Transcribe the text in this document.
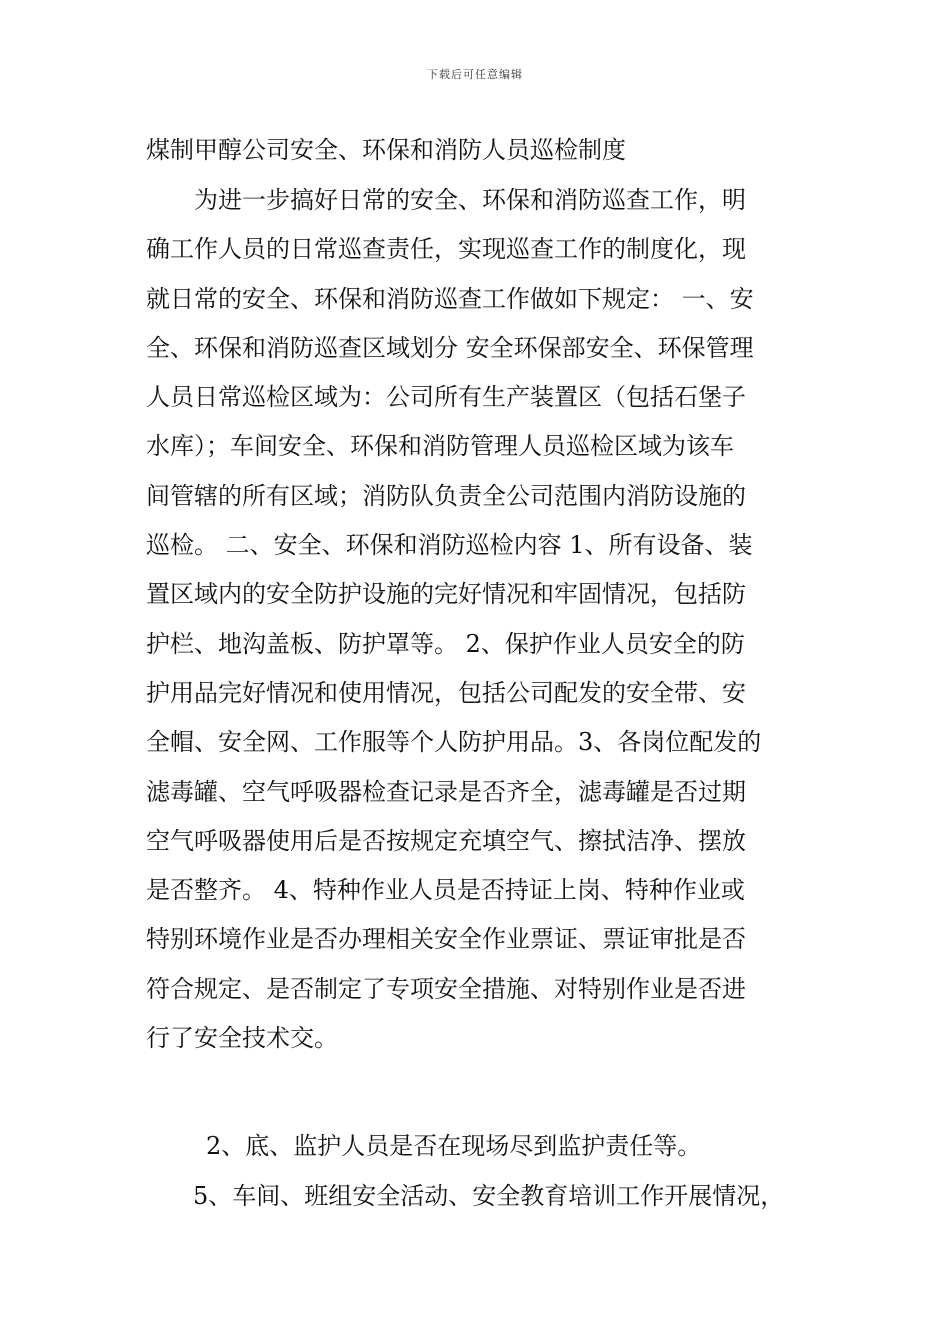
下载后可任意编辑
煤制甲醇公司安全、环保和消防人员巡检制度
为进一步搞好日常的安全、环保和消防巡查工作，明
确工作人员的日常巡查责任，实现巡查工作的制度化，现
就日常的安全、环保和消防巡查工作做如下规定： 一、安
全、环保和消防巡查区域划分 安全环保部安全、环保管理
人员日常巡检区域为：公司所有生产装置区（包括石堡子
水库）；车间安全、环保和消防管理人员巡检区域为该车
间管辖的所有区域；消防队负责全公司范围内消防设施的
巡检。 二、安全、环保和消防巡检内容 1、所有设备、装
置区域内的安全防护设施的完好情况和牢固情况，包括防
护栏、地沟盖板、防护罩等。 2、保护作业人员安全的防
护用品完好情况和使用情况，包括公司配发的安全带、安
全帽、安全网、工作服等个人防护用品。3、各岗位配发的
滤毒罐、空气呼吸器检查记录是否齐全，滤毒罐是否过期
空气呼吸器使用后是否按规定充填空气、擦拭洁净、摆放
是否整齐。 4、特种作业人员是否持证上岗、特种作业或
特别环境作业是否办理相关安全作业票证、票证审批是否
符合规定、是否制定了专项安全措施、对特别作业是否进
行了安全技术交。
2、底、监护人员是否在现场尽到监护责任等。
5、车间、班组安全活动、安全教育培训工作开展情况，
